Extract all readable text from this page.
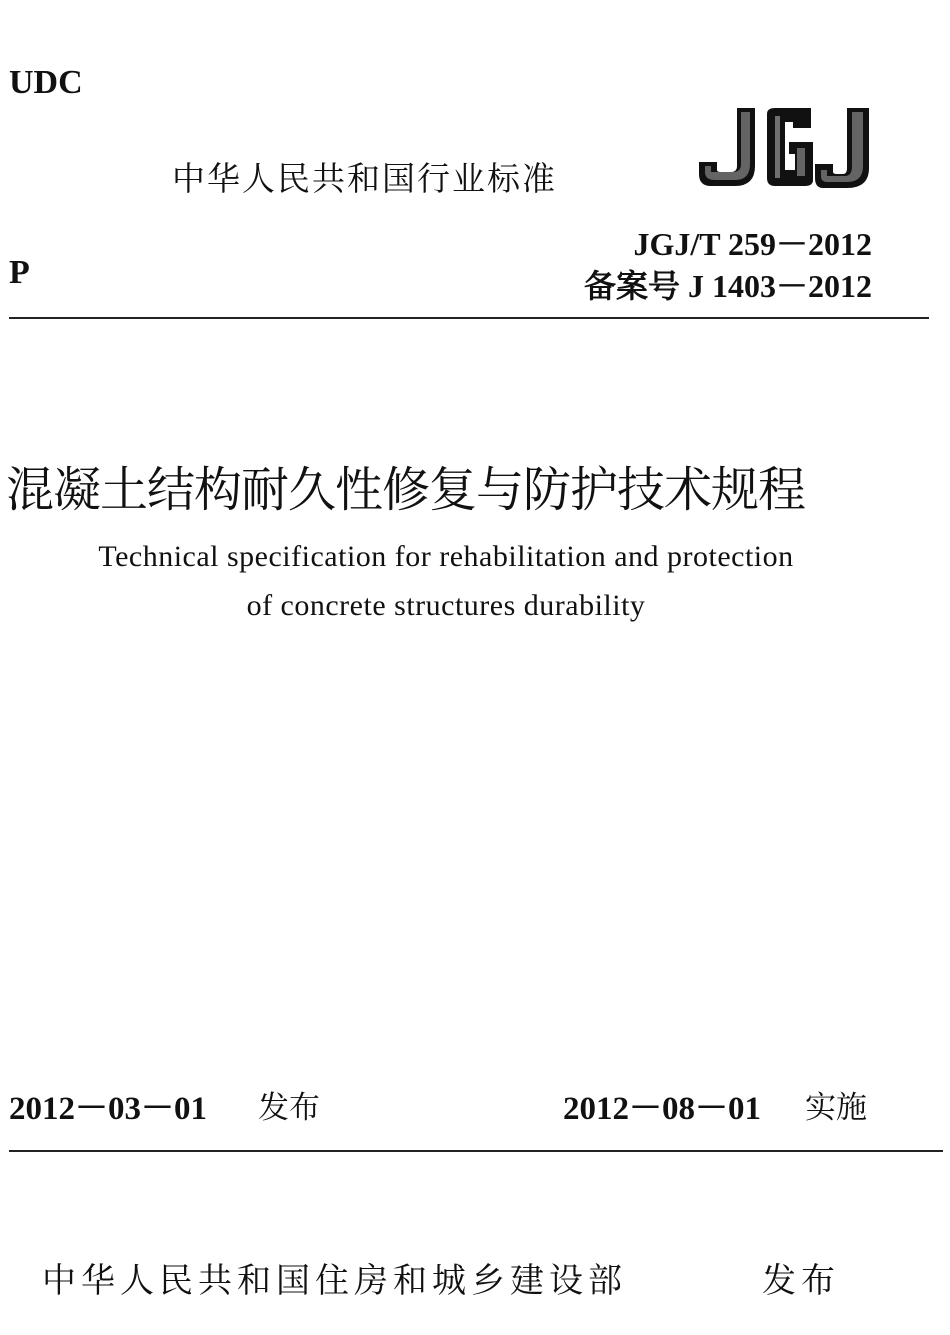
UDC
中华人民共和国行业标准
JGJ/T 259－2012
P	备案号 J 1403－2012
混凝土结构耐久性修复与防护技术规程
Technical specification for rehabilitation and protection
of concrete structures durability
2012－03－01 发布	2012－08－01 实施
中华人民共和国住房和城乡建设部	发布
